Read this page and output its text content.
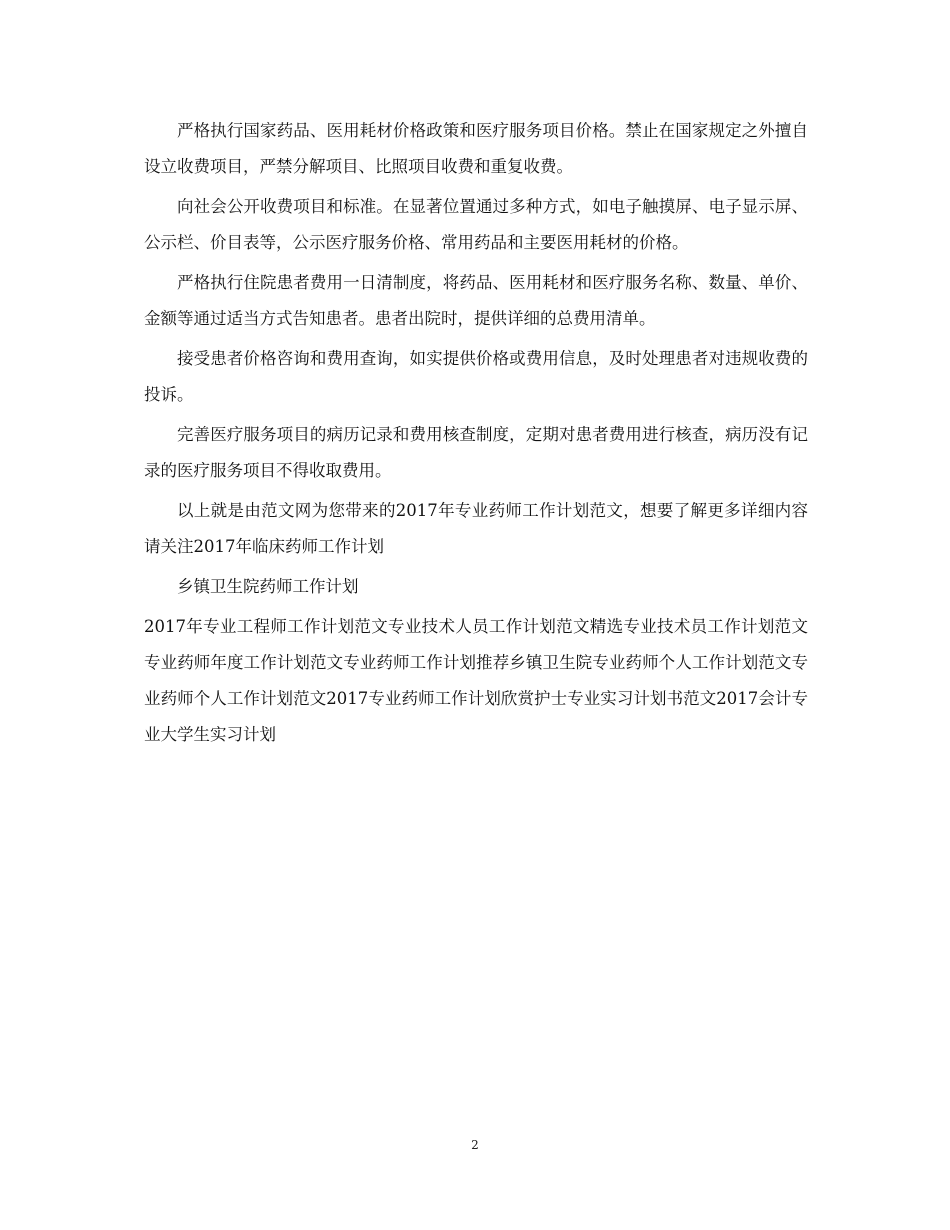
严格执行国家药品、医用耗材价格政策和医疗服务项目价格。禁止在国家规定之外擅自设立收费项目，严禁分解项目、比照项目收费和重复收费。

向社会公开收费项目和标准。在显著位置通过多种方式，如电子触摸屏、电子显示屏、公示栏、价目表等，公示医疗服务价格、常用药品和主要医用耗材的价格。

严格执行住院患者费用一日清制度，将药品、医用耗材和医疗服务名称、数量、单价、金额等通过适当方式告知患者。患者出院时，提供详细的总费用清单。

接受患者价格咨询和费用查询，如实提供价格或费用信息，及时处理患者对违规收费的投诉。

完善医疗服务项目的病历记录和费用核查制度，定期对患者费用进行核查，病历没有记录的医疗服务项目不得收取费用。

以上就是由范文网为您带来的2017年专业药师工作计划范文，想要了解更多详细内容请关注2017年临床药师工作计划

乡镇卫生院药师工作计划

2017年专业工程师工作计划范文专业技术人员工作计划范文精选专业技术员工作计划范文专业药师年度工作计划范文专业药师工作计划推荐乡镇卫生院专业药师个人工作计划范文专业药师个人工作计划范文2017专业药师工作计划欣赏护士专业实习计划书范文2017会计专业大学生实习计划

2
